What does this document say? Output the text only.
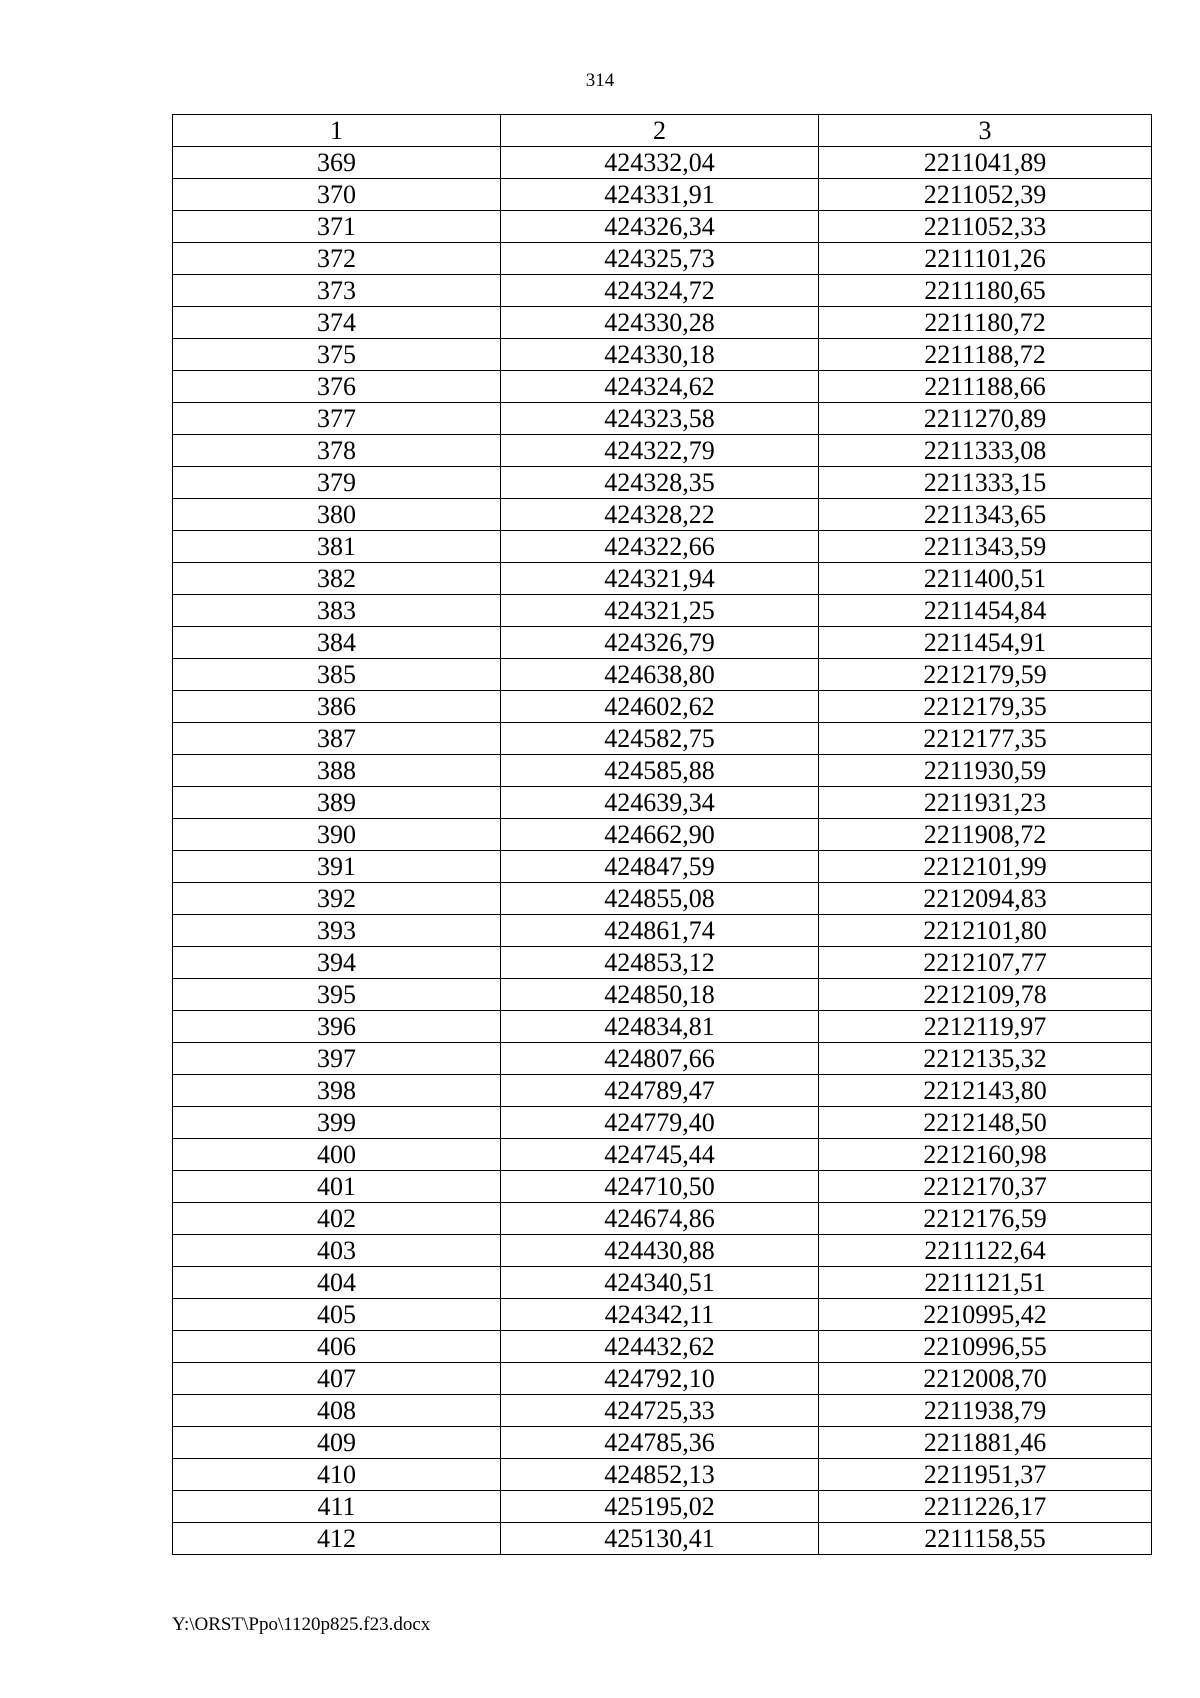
314
1	2	3
369	424332,04	2211041,89
370	424331,91	2211052,39
371	424326,34	2211052,33
372	424325,73	2211101,26
373	424324,72	2211180,65
374	424330,28	2211180,72
375	424330,18	2211188,72
376	424324,62	2211188,66
377	424323,58	2211270,89
378	424322,79	2211333,08
379	424328,35	2211333,15
380	424328,22	2211343,65
381	424322,66	2211343,59
382	424321,94	2211400,51
383	424321,25	2211454,84
384	424326,79	2211454,91
385	424638,80	2212179,59
386	424602,62	2212179,35
387	424582,75	2212177,35
388	424585,88	2211930,59
389	424639,34	2211931,23
390	424662,90	2211908,72
391	424847,59	2212101,99
392	424855,08	2212094,83
393	424861,74	2212101,80
394	424853,12	2212107,77
395	424850,18	2212109,78
396	424834,81	2212119,97
397	424807,66	2212135,32
398	424789,47	2212143,80
399	424779,40	2212148,50
400	424745,44	2212160,98
401	424710,50	2212170,37
402	424674,86	2212176,59
403	424430,88	2211122,64
404	424340,51	2211121,51
405	424342,11	2210995,42
406	424432,62	2210996,55
407	424792,10	2212008,70
408	424725,33	2211938,79
409	424785,36	2211881,46
410	424852,13	2211951,37
411	425195,02	2211226,17
412	425130,41	2211158,55
Y:\ORST\Ppo\1120p825.f23.docx
